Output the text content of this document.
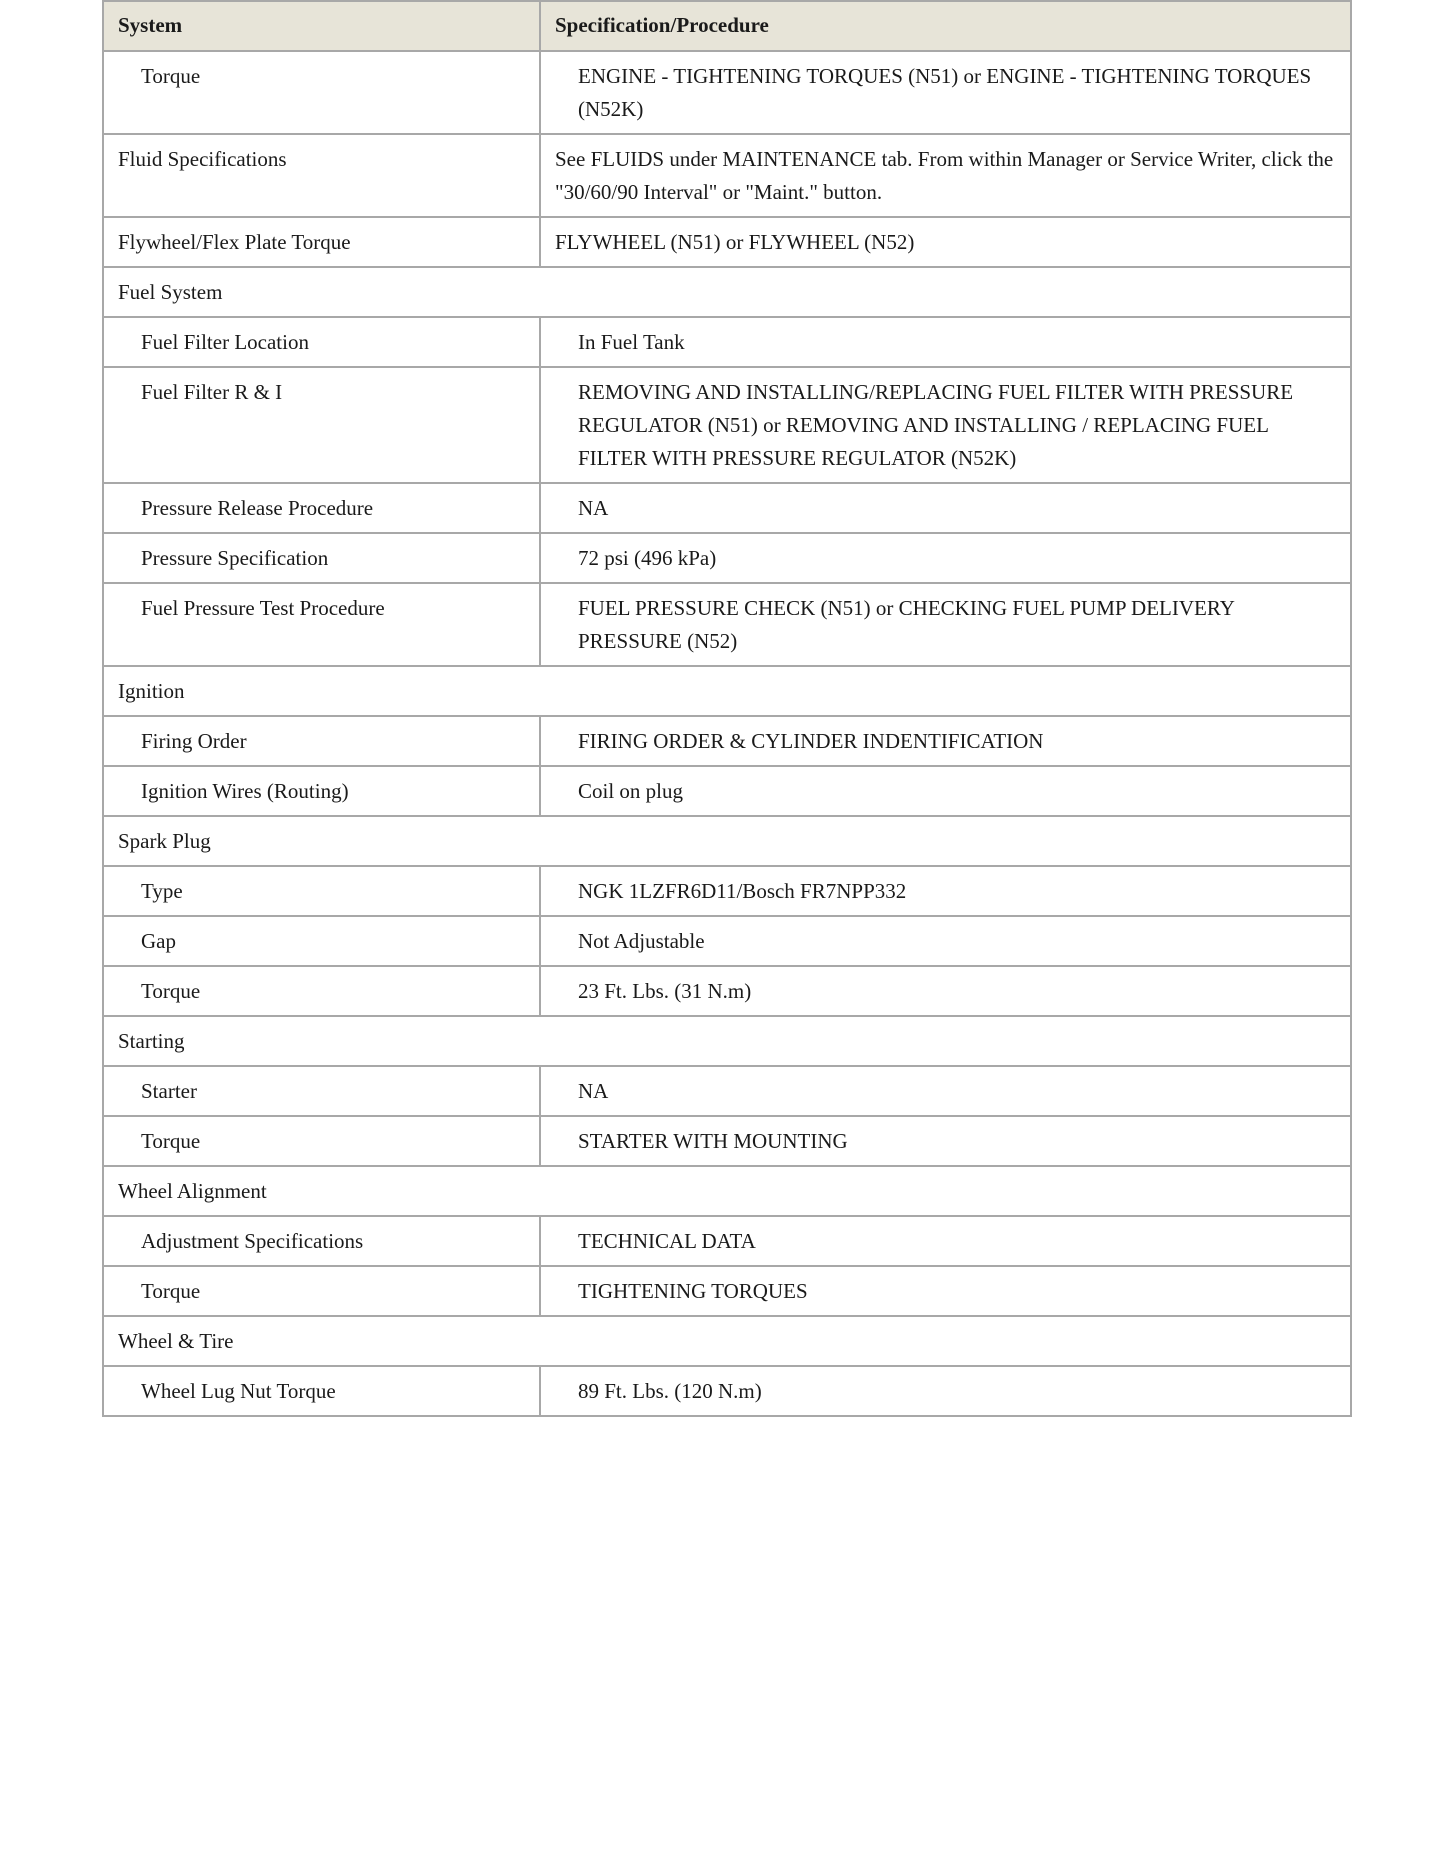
System	Specification/Procedure
Torque	ENGINE - TIGHTENING TORQUES (N51) or ENGINE - TIGHTENING TORQUES (N52K)
Fluid Specifications	See FLUIDS under MAINTENANCE tab. From within Manager or Service Writer, click the "30/60/90 Interval" or "Maint." button.
Flywheel/Flex Plate Torque	FLYWHEEL (N51) or FLYWHEEL (N52)
Fuel System	
Fuel Filter Location	In Fuel Tank
Fuel Filter R & I	REMOVING AND INSTALLING/REPLACING FUEL FILTER WITH PRESSURE REGULATOR (N51) or REMOVING AND INSTALLING / REPLACING FUEL FILTER WITH PRESSURE REGULATOR (N52K)
Pressure Release Procedure	NA
Pressure Specification	72 psi (496 kPa)
Fuel Pressure Test Procedure	FUEL PRESSURE CHECK (N51) or CHECKING FUEL PUMP DELIVERY PRESSURE (N52)
Ignition	
Firing Order	FIRING ORDER & CYLINDER INDENTIFICATION
Ignition Wires (Routing)	Coil on plug
Spark Plug	
Type	NGK 1LZFR6D11/Bosch FR7NPP332
Gap	Not Adjustable
Torque	23 Ft. Lbs. (31 N.m)
Starting	
Starter	NA
Torque	STARTER WITH MOUNTING
Wheel Alignment	
Adjustment Specifications	TECHNICAL DATA
Torque	TIGHTENING TORQUES
Wheel & Tire	
Wheel Lug Nut Torque	89 Ft. Lbs. (120 N.m)
